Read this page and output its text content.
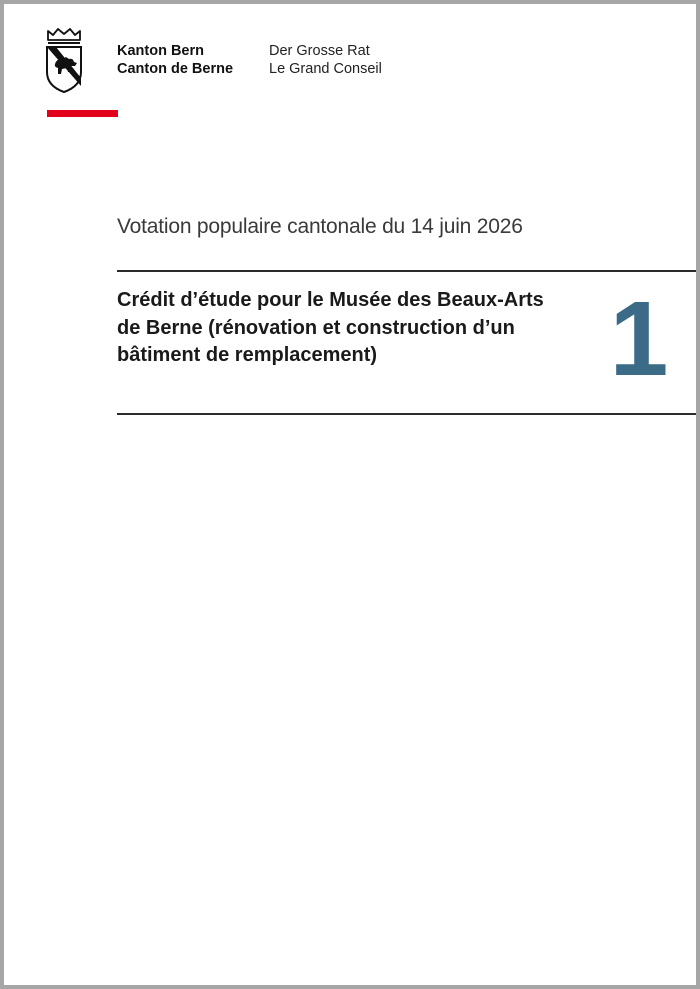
Kanton Bern
Canton de Berne
Der Grosse Rat
Le Grand Conseil
Votation populaire cantonale du 14 juin 2026
Crédit d’étude pour le Musée des Beaux-Arts de Berne (rénovation et construction d’un bâtiment de remplacement)	1
